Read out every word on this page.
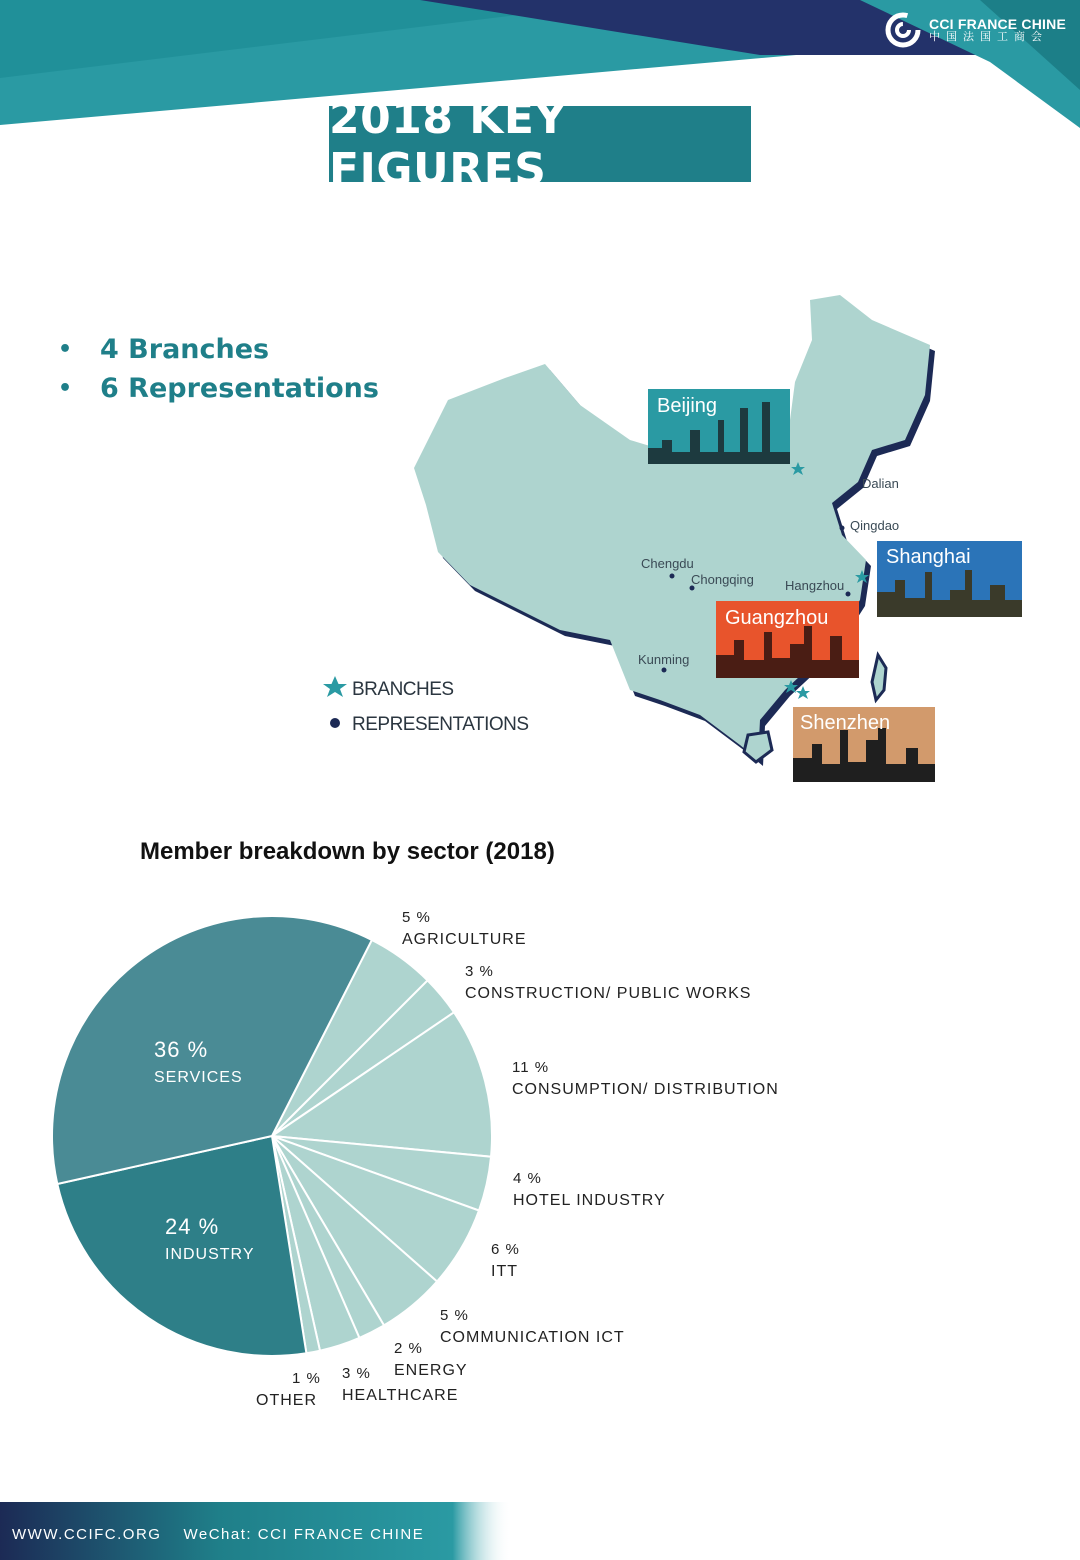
CCI FRANCE CHINE
中国法国工商会
2018 KEY FIGURES
•	4 Branches
•	6 Representations
Dalian
Qingdao
Chengdu
Chongqing Hangzhou
Kunming
Beijing
Shanghai
Guangzhou
Shenzhen
BRANCHES
REPRESENTATIONS
Member breakdown by sector (2018)
5 %
AGRICULTURE
3 %
CONSTRUCTION/ PUBLIC WORKS
11 %
CONSUMPTION/ DISTRIBUTION
4 %
HOTEL INDUSTRY
6 %
ITT
5 %
COMMUNICATION ICT
2 %
ENERGY
3 %
HEALTHCARE
1 %
OTHER
24 %
INDUSTRY
36 %
SERVICES
WWW.CCIFC.ORG WeChat: CCI FRANCE CHINE
